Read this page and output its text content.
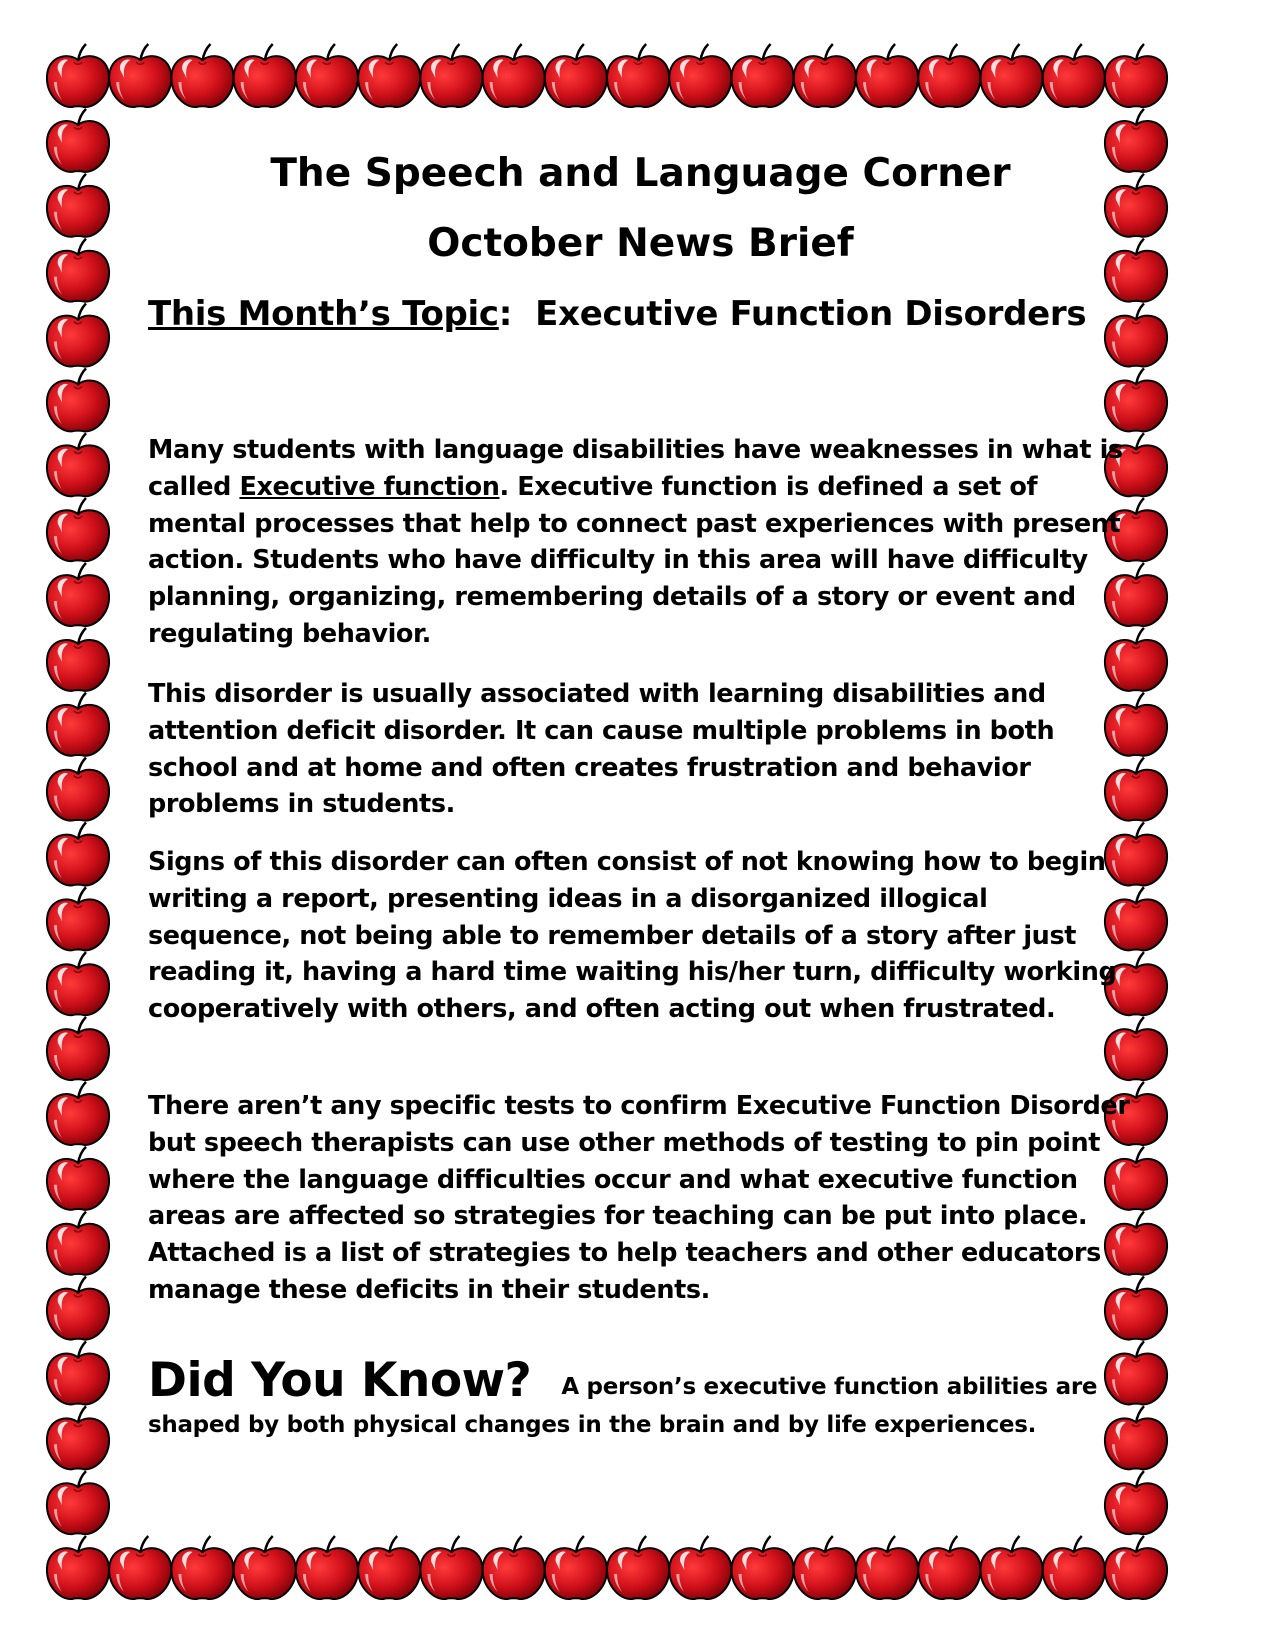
The Speech and Language Corner
October News Brief
This Month’s Topic: Executive Function Disorders

Many students with language disabilities have weaknesses in what is called Executive function. Executive function is defined a set of mental processes that help to connect past experiences with present action. Students who have difficulty in this area will have difficulty planning, organizing, remembering details of a story or event and regulating behavior.

This disorder is usually associated with learning disabilities and attention deficit disorder. It can cause multiple problems in both school and at home and often creates frustration and behavior problems in students.

Signs of this disorder can often consist of not knowing how to begin writing a report, presenting ideas in a disorganized illogical sequence, not being able to remember details of a story after just reading it, having a hard time waiting his/her turn, difficulty working cooperatively with others, and often acting out when frustrated.

There aren’t any specific tests to confirm Executive Function Disorder but speech therapists can use other methods of testing to pin point where the language difficulties occur and what executive function areas are affected so strategies for teaching can be put into place. Attached is a list of strategies to help teachers and other educators manage these deficits in their students.

Did You Know? A person’s executive function abilities are shaped by both physical changes in the brain and by life experiences.
